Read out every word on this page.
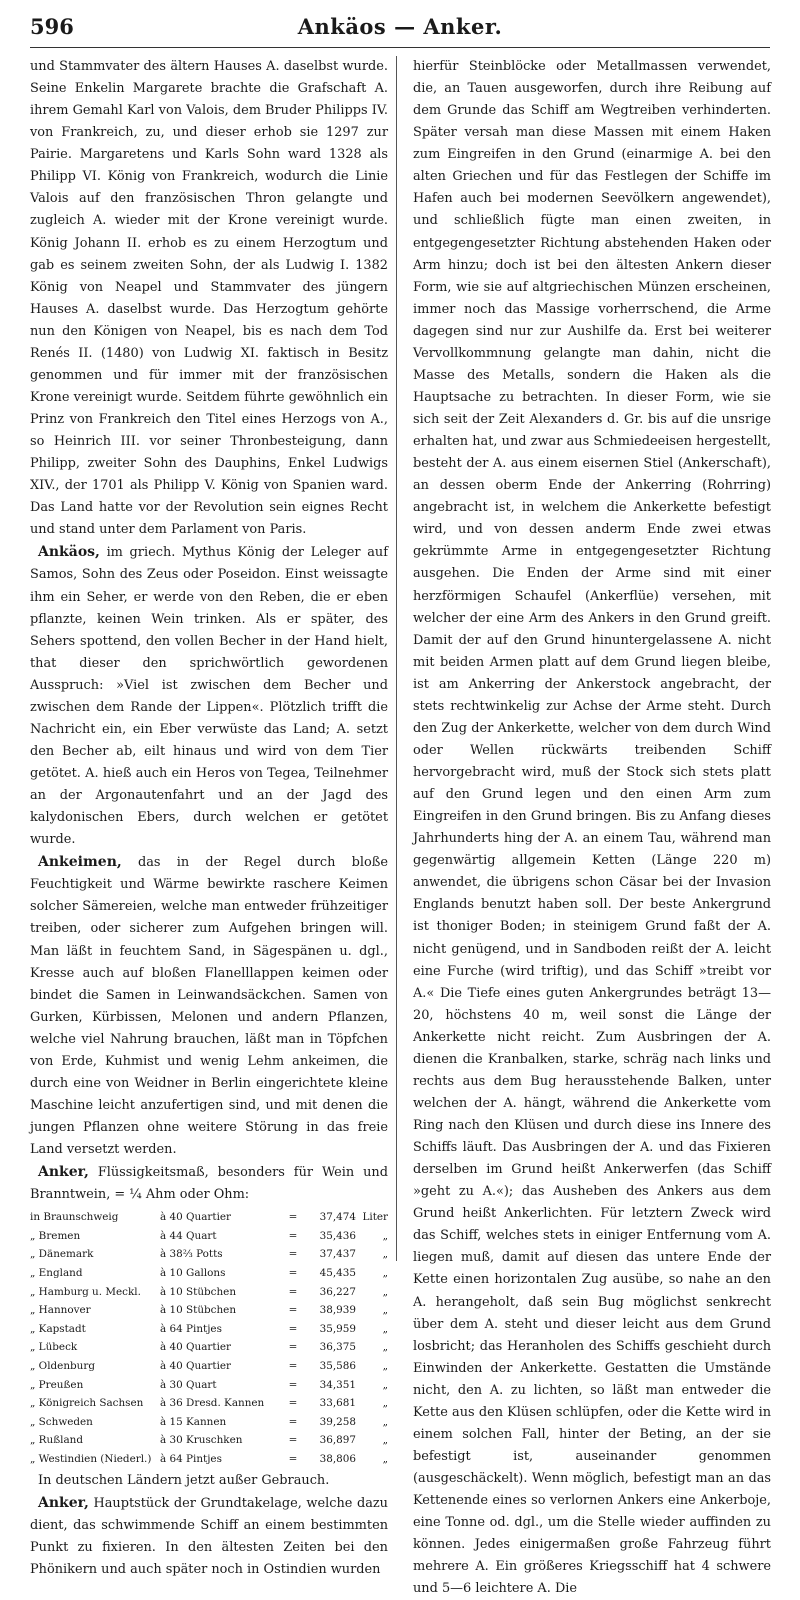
596	Ankäos — Anker.

und Stammvater des ältern Hauses A. daselbst wurde. Seine Enkelin Margarete brachte die Grafschaft A. ihrem Gemahl Karl von Valois, dem Bruder Philipps IV. von Frankreich, zu, und dieser erhob sie 1297 zur Pairie. Margaretens und Karls Sohn ward 1328 als Philipp VI. König von Frankreich, wodurch die Linie Valois auf den französischen Thron gelangte und zugleich A. wieder mit der Krone vereinigt wurde. König Johann II. erhob es zu einem Herzogtum und gab es seinem zweiten Sohn, der als Ludwig I. 1382 König von Neapel und Stammvater des jüngern Hauses A. daselbst wurde. Das Herzogtum gehörte nun den Königen von Neapel, bis es nach dem Tod Renés II. (1480) von Ludwig XI. faktisch in Besitz genommen und für immer mit der französischen Krone vereinigt wurde. Seitdem führte gewöhnlich ein Prinz von Frankreich den Titel eines Herzogs von A., so Heinrich III. vor seiner Thronbesteigung, dann Philipp, zweiter Sohn des Dauphins, Enkel Ludwigs XIV., der 1701 als Philipp V. König von Spanien ward. Das Land hatte vor der Revolution sein eignes Recht und stand unter dem Parlament von Paris.

Ankäos, im griech. Mythus König der Leleger auf Samos, Sohn des Zeus oder Poseidon. Einst weissagte ihm ein Seher, er werde von den Reben, die er eben pflanzte, keinen Wein trinken. Als er später, des Sehers spottend, den vollen Becher in der Hand hielt, that dieser den sprichwörtlich gewordenen Ausspruch: »Viel ist zwischen dem Becher und zwischen dem Rande der Lippen«. Plötzlich trifft die Nachricht ein, ein Eber verwüste das Land; A. setzt den Becher ab, eilt hinaus und wird von dem Tier getötet. A. hieß auch ein Heros von Tegea, Teilnehmer an der Argonautenfahrt und an der Jagd des kalydonischen Ebers, durch welchen er getötet wurde.

Ankeimen, das in der Regel durch bloße Feuchtigkeit und Wärme bewirkte raschere Keimen solcher Sämereien, welche man entweder frühzeitiger treiben, oder sicherer zum Aufgehen bringen will. Man läßt in feuchtem Sand, in Sägespänen u. dgl., Kresse auch auf bloßen Flanelllappen keimen oder bindet die Samen in Leinwandsäckchen. Samen von Gurken, Kürbissen, Melonen und andern Pflanzen, welche viel Nahrung brauchen, läßt man in Töpfchen von Erde, Kuhmist und wenig Lehm ankeimen, die durch eine von Weidner in Berlin eingerichtete kleine Maschine leicht anzufertigen sind, und mit denen die jungen Pflanzen ohne weitere Störung in das freie Land versetzt werden.

Anker, Flüssigkeitsmaß, besonders für Wein und Branntwein, = ¼ Ahm oder Ohm:

in Braunschweig	à 40 Quartier	=	37,474	Liter
„ Bremen	à 44 Quart	=	35,436	„
„ Dänemark	à 38⅔ Potts	=	37,437	„
„ England	à 10 Gallons	=	45,435	„
„ Hamburg u. Meckl.	à 10 Stübchen	=	36,227	„
„ Hannover	à 10 Stübchen	=	38,939	„
„ Kapstadt	à 64 Pintjes	=	35,959	„
„ Lübeck	à 40 Quartier	=	36,375	„
„ Oldenburg	à 40 Quartier	=	35,586	„
„ Preußen	à 30 Quart	=	34,351	„
„ Königreich Sachsen	à 36 Dresd. Kannen	=	33,681	„
„ Schweden	à 15 Kannen	=	39,258	„
„ Rußland	à 30 Kruschken	=	36,897	„
„ Westindien (Niederl.)	à 64 Pintjes	=	38,806	„

In deutschen Ländern jetzt außer Gebrauch.

Anker, Hauptstück der Grundtakelage, welche dazu dient, das schwimmende Schiff an einem bestimmten Punkt zu fixieren. In den ältesten Zeiten bei den Phönikern und auch später noch in Ostindien wurden

hierfür Steinblöcke oder Metallmassen verwendet, die, an Tauen ausgeworfen, durch ihre Reibung auf dem Grunde das Schiff am Wegtreiben verhinderten. Später versah man diese Massen mit einem Haken zum Eingreifen in den Grund (einarmige A. bei den alten Griechen und für das Festlegen der Schiffe im Hafen auch bei modernen Seevölkern angewendet), und schließlich fügte man einen zweiten, in entgegengesetzter Richtung abstehenden Haken oder Arm hinzu; doch ist bei den ältesten Ankern dieser Form, wie sie auf altgriechischen Münzen erscheinen, immer noch das Massige vorherrschend, die Arme dagegen sind nur zur Aushilfe da. Erst bei weiterer Vervollkommnung gelangte man dahin, nicht die Masse des Metalls, sondern die Haken als die Hauptsache zu betrachten. In dieser Form, wie sie sich seit der Zeit Alexanders d. Gr. bis auf die unsrige erhalten hat, und zwar aus Schmiedeeisen hergestellt, besteht der A. aus einem eisernen Stiel (Ankerschaft), an dessen oberm Ende der Ankerring (Rohrring) angebracht ist, in welchem die Ankerkette befestigt wird, und von dessen anderm Ende zwei etwas gekrümmte Arme in entgegengesetzter Richtung ausgehen. Die Enden der Arme sind mit einer herzförmigen Schaufel (Ankerflüe) versehen, mit welcher der eine Arm des Ankers in den Grund greift. Damit der auf den Grund hinuntergelassene A. nicht mit beiden Armen platt auf dem Grund liegen bleibe, ist am Ankerring der Ankerstock angebracht, der stets rechtwinkelig zur Achse der Arme steht. Durch den Zug der Ankerkette, welcher von dem durch Wind oder Wellen rückwärts treibenden Schiff hervorgebracht wird, muß der Stock sich stets platt auf den Grund legen und den einen Arm zum Eingreifen in den Grund bringen. Bis zu Anfang dieses Jahrhunderts hing der A. an einem Tau, während man gegenwärtig allgemein Ketten (Länge 220 m) anwendet, die übrigens schon Cäsar bei der Invasion Englands benutzt haben soll. Der beste Ankergrund ist thoniger Boden; in steinigem Grund faßt der A. nicht genügend, und in Sandboden reißt der A. leicht eine Furche (wird triftig), und das Schiff »treibt vor A.« Die Tiefe eines guten Ankergrundes beträgt 13—20, höchstens 40 m, weil sonst die Länge der Ankerkette nicht reicht. Zum Ausbringen der A. dienen die Kranbalken, starke, schräg nach links und rechts aus dem Bug herausstehende Balken, unter welchen der A. hängt, während die Ankerkette vom Ring nach den Klüsen und durch diese ins Innere des Schiffs läuft. Das Ausbringen der A. und das Fixieren derselben im Grund heißt Ankerwerfen (das Schiff »geht zu A.«); das Ausheben des Ankers aus dem Grund heißt Ankerlichten. Für letztern Zweck wird das Schiff, welches stets in einiger Entfernung vom A. liegen muß, damit auf diesen das untere Ende der Kette einen horizontalen Zug ausübe, so nahe an den A. herangeholt, daß sein Bug möglichst senkrecht über dem A. steht und dieser leicht aus dem Grund losbricht; das Heranholen des Schiffs geschieht durch Einwinden der Ankerkette. Gestatten die Umstände nicht, den A. zu lichten, so läßt man entweder die Kette aus den Klüsen schlüpfen, oder die Kette wird in einem solchen Fall, hinter der Beting, an der sie befestigt ist, auseinander genommen (ausgeschäckelt). Wenn möglich, befestigt man an das Kettenende eines so verlornen Ankers eine Ankerboje, eine Tonne od. dgl., um die Stelle wieder auffinden zu können. Jedes einigermaßen große Fahrzeug führt mehrere A. Ein größeres Kriegsschiff hat 4 schwere und 5—6 leichtere A. Die
